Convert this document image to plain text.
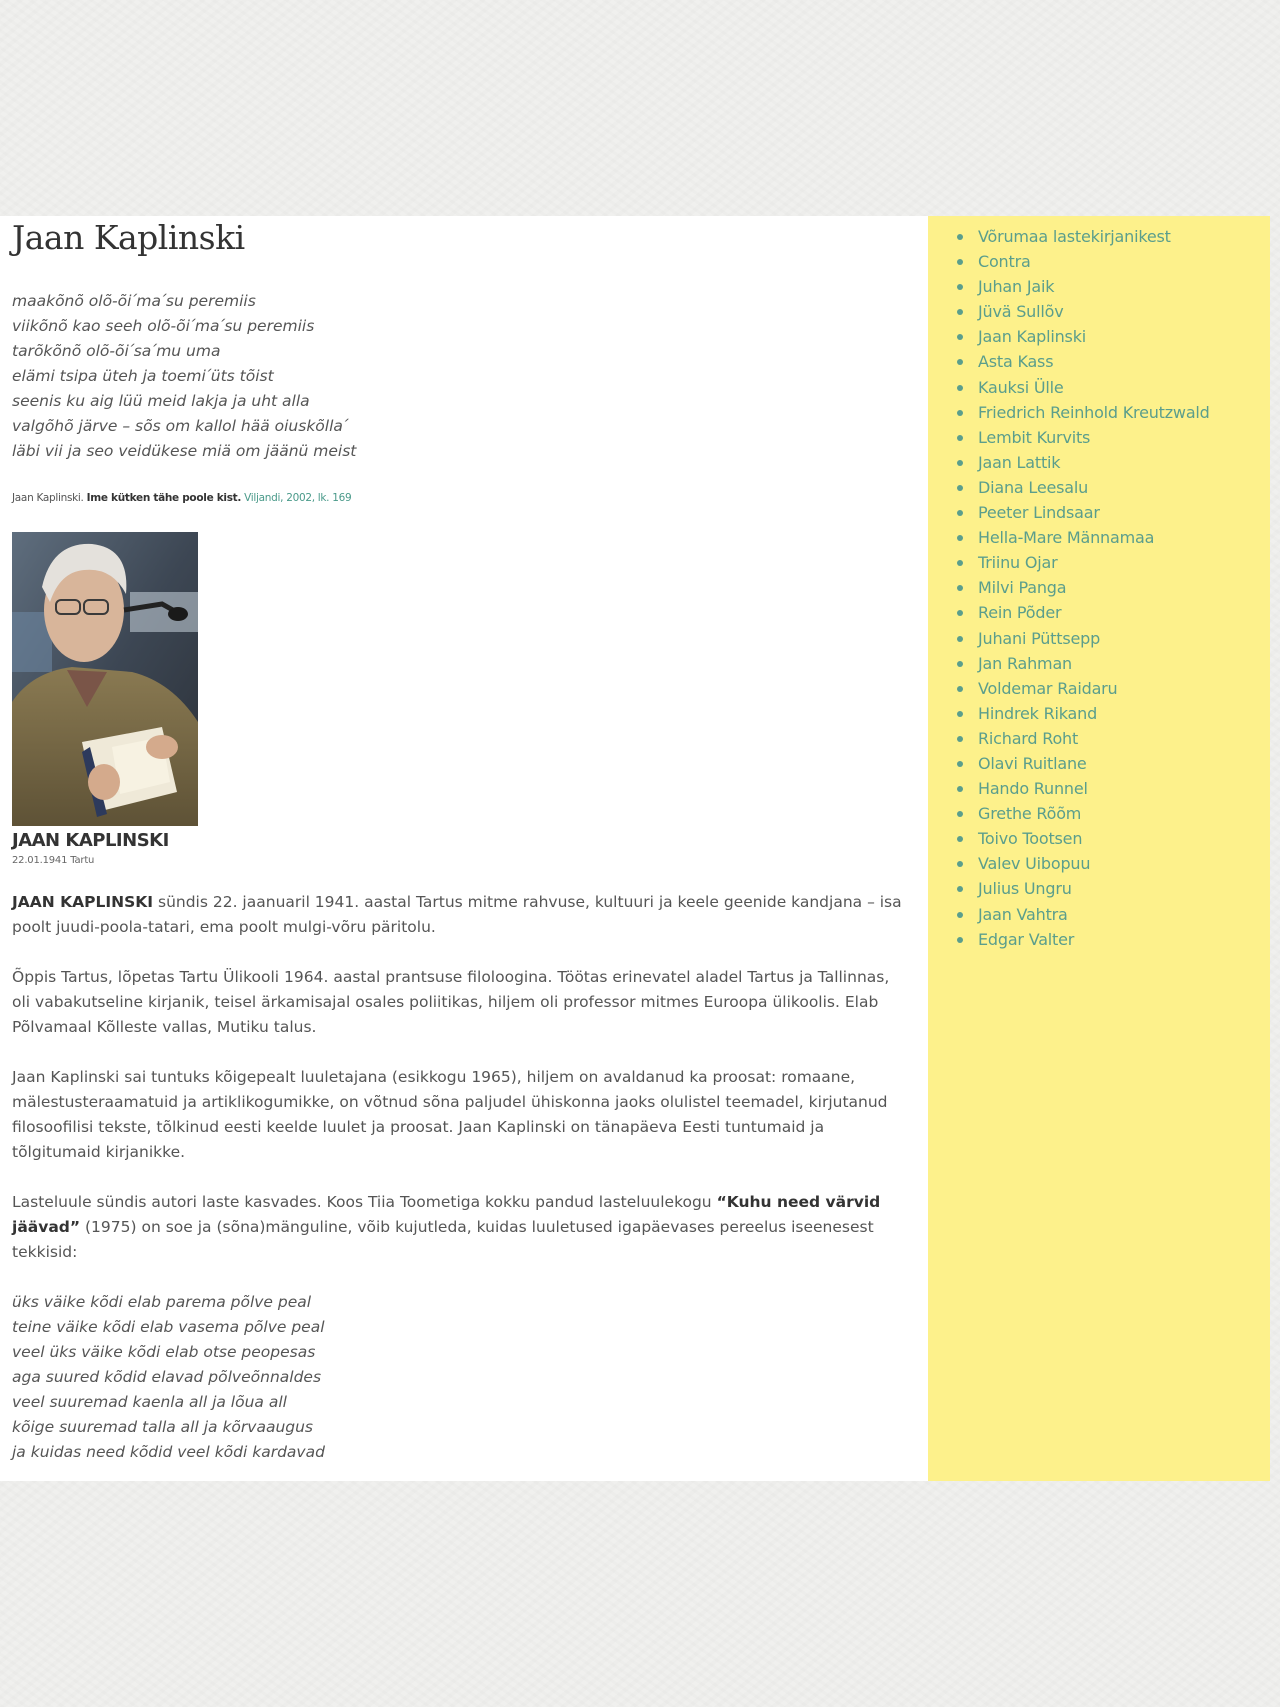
Jaan Kaplinski

maakõnõ olõ-õi ́ma ́su peremiis
viikõnõ kao seeh olõ-õi ́ma ́su peremiis
tarõkõnõ olõ-õi ́sa ́mu uma
elämi tsipa üteh ja toemi ́üts tõist
seenis ku aig lüü meid lakja ja uht alla
valgõhõ järve – sõs om kallol hää oiuskõlla ́
läbi vii ja seo veidükese miä om jäänü meist

Jaan Kaplinski. Ime kütken tähe poole kist. Viljandi, 2002, lk. 169
JAAN KAPLINSKI
22.01.1941 Tartu

JAAN KAPLINSKI sündis 22. jaanuaril 1941. aastal Tartus mitme rahvuse, kultuuri ja keele geenide kandjana – isa poolt juudi-poola-tatari, ema poolt mulgi-võru päritolu.

Õppis Tartus, lõpetas Tartu Ülikooli 1964. aastal prantsuse filoloogina. Töötas erinevatel aladel Tartus ja Tallinnas, oli vabakutseline kirjanik, teisel ärkamisajal osales poliitikas, hiljem oli professor mitmes Euroopa ülikoolis. Elab Põlvamaal Kõlleste vallas, Mutiku talus.

Jaan Kaplinski sai tuntuks kõigepealt luuletajana (esikkogu 1965), hiljem on avaldanud ka proosat: romaane, mälestusteraamatuid ja artiklikogumikke, on võtnud sõna paljudel ühiskonna jaoks olulistel teemadel, kirjutanud filosoofilisi tekste, tõlkinud eesti keelde luulet ja proosat. Jaan Kaplinski on tänapäeva Eesti tuntumaid ja tõlgitumaid kirjanikke.

Lasteluule sündis autori laste kasvades. Koos Tiia Toometiga kokku pandud lasteluulekogu “Kuhu need värvid jäävad” (1975) on soe ja (sõna)mänguline, võib kujutleda, kuidas luuletused igapäevases pereelus iseenesest tekkisid:

üks väike kõdi elab parema põlve peal
teine väike kõdi elab vasema põlve peal
veel üks väike kõdi elab otse peopesas
aga suured kõdid elavad põlveõnnaldes
veel suuremad kaenla all ja lõua all
kõige suuremad talla all ja kõrvaaugus
ja kuidas need kõdid veel kõdi kardavad

Võrumaa lastekirjanikest
Contra
Juhan Jaik
Jüvä Sullõv
Jaan Kaplinski
Asta Kass
Kauksi Ülle
Friedrich Reinhold Kreutzwald
Lembit Kurvits
Jaan Lattik
Diana Leesalu
Peeter Lindsaar
Hella-Mare Männamaa
Triinu Ojar
Milvi Panga
Rein Põder
Juhani Püttsepp
Jan Rahman
Voldemar Raidaru
Hindrek Rikand
Richard Roht
Olavi Ruitlane
Hando Runnel
Grethe Rõõm
Toivo Tootsen
Valev Uibopuu
Julius Ungru
Jaan Vahtra
Edgar Valter
